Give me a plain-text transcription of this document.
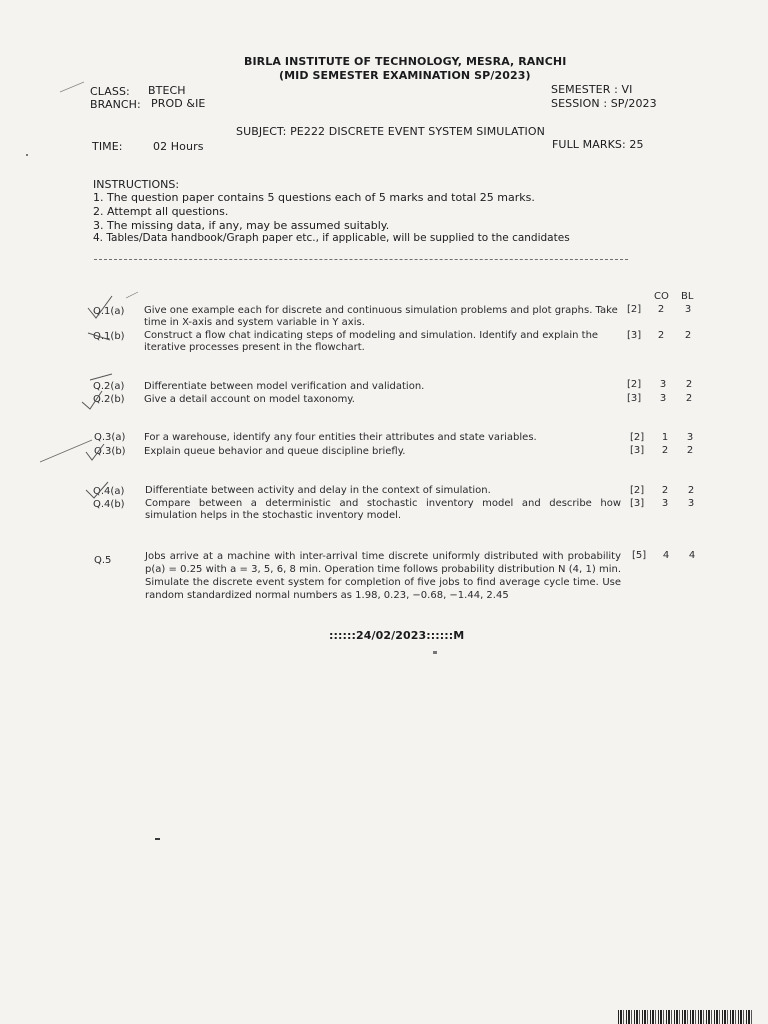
BIRLA INSTITUTE OF TECHNOLOGY, MESRA, RANCHI
(MID SEMESTER EXAMINATION SP/2023)
CLASS: BTECH
BRANCH: PROD &IE
SEMESTER : VI
SESSION : SP/2023
SUBJECT: PE222 DISCRETE EVENT SYSTEM SIMULATION
TIME:	02 Hours	FULL MARKS: 25
INSTRUCTIONS:
1. The question paper contains 5 questions each of 5 marks and total 25 marks.
2. Attempt all questions.
3. The missing data, if any, may be assumed suitably.
4. Tables/Data handbook/Graph paper etc., if applicable, will be supplied to the candidates
CO BL
Q.1(a) Give one example each for discrete and continuous simulation problems and plot graphs. Take time in X-axis and system variable in Y axis.
[2]	2	3
Q.1(b) Construct a flow chat indicating steps of modeling and simulation. Identify and explain the iterative processes present in the flowchart.
[3]	2	2
Q.2(a) Differentiate between model verification and validation.	[2]	3	2
Q.2(b) Give a detail account on model taxonomy.	[3]	3	2
Q.3(a) For a warehouse, identify any four entities their attributes and state variables.	[2]	1	3
Q.3(b) Explain queue behavior and queue discipline briefly.	[3]	2	2
Q.4(a) Differentiate between activity and delay in the context of simulation.	[2]	2	2
Q.4(b) Compare between a deterministic and stochastic inventory model and describe how simulation helps in the stochastic inventory model.
[3]	3	3
Q.5	Jobs arrive at a machine with inter-arrival time discrete uniformly distributed with probability p(a) = 0.25 with a = 3, 5, 6, 8 min. Operation time follows probability distribution N (4, 1) min. Simulate the discrete event system for completion of five jobs to find average cycle time. Use random standardized normal numbers as 1.98, 0.23, −0.68, −1.44, 2.45
[5]	4	4
::::::24/02/2023::::::M
